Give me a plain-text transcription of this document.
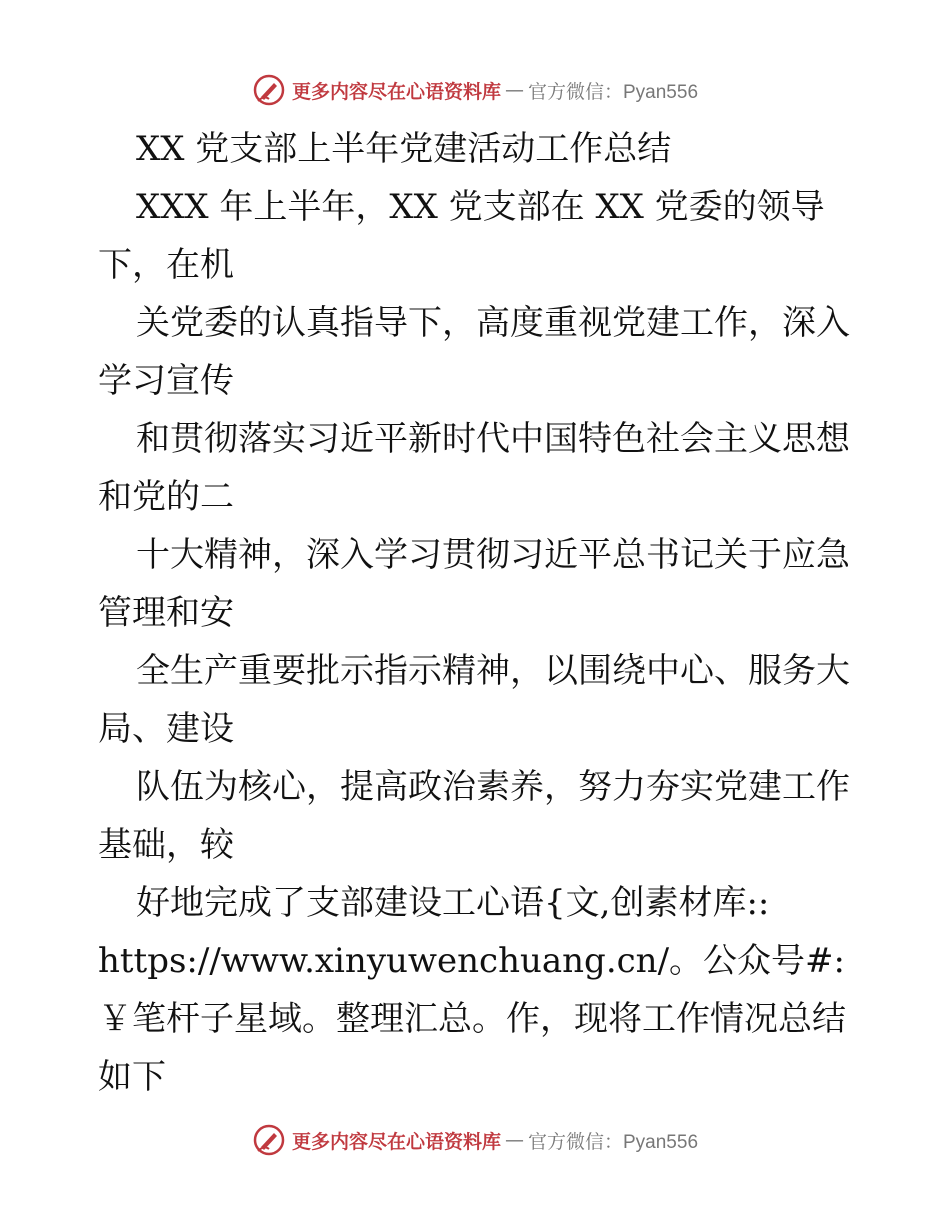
更多内容尽在心语资料库 — 官方微信：Pyan556
XX 党支部上半年党建活动工作总结
XXX 年上半年，XX 党支部在 XX 党委的领导
下，在机
关党委的认真指导下，高度重视党建工作，深入
学习宣传
和贯彻落实习近平新时代中国特色社会主义思想
和党的二
十大精神，深入学习贯彻习近平总书记关于应急
管理和安
全生产重要批示指示精神，以围绕中心、服务大
局、建设
队伍为核心，提高政治素养，努力夯实党建工作
基础，较
好地完成了支部建设工心语{文,创素材库::
https://www.xinyuwenchuang.cn/。公众号#:
￥笔杆子星域。整理汇总。作，现将工作情况总结
如下
更多内容尽在心语资料库 — 官方微信：Pyan556
